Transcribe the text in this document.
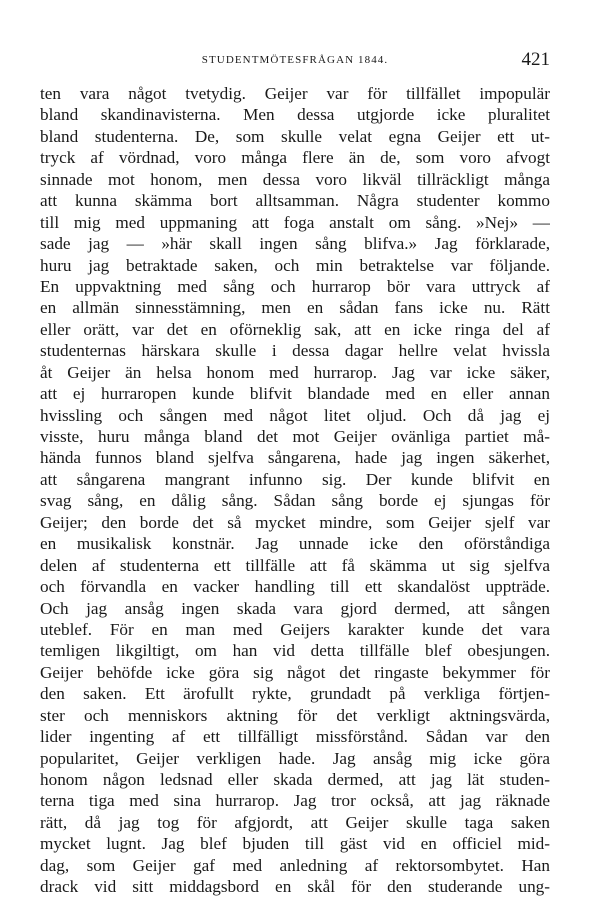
STUDENTMÖTESFRÅGAN 1844.	421
ten vara något tvetydig. Geijer var för tillfället impopulär
bland skandinavisterna. Men dessa utgjorde icke pluralitet
bland studenterna. De, som skulle velat egna Geijer ett ut-
tryck af vördnad, voro många flere än de, som voro afvogt
sinnade mot honom, men dessa voro likväl tillräckligt många
att kunna skämma bort alltsamman. Några studenter kommo
till mig med uppmaning att foga anstalt om sång. »Nej» —
sade jag — »här skall ingen sång blifva.» Jag förklarade,
huru jag betraktade saken, och min betraktelse var följande.
En uppvaktning med sång och hurrarop bör vara uttryck af
en allmän sinnesstämning, men en sådan fans icke nu. Rätt
eller orätt, var det en oförneklig sak, att en icke ringa del af
studenternas härskara skulle i dessa dagar hellre velat hvissla
åt Geijer än helsa honom med hurrarop. Jag var icke säker,
att ej hurraropen kunde blifvit blandade med en eller annan
hvissling och sången med något litet oljud. Och då jag ej
visste, huru många bland det mot Geijer ovänliga partiet må-
hända funnos bland sjelfva sångarena, hade jag ingen säkerhet,
att sångarena mangrant infunno sig. Der kunde blifvit en
svag sång, en dålig sång. Sådan sång borde ej sjungas för
Geijer; den borde det så mycket mindre, som Geijer sjelf var
en musikalisk konstnär. Jag unnade icke den oförståndiga
delen af studenterna ett tillfälle att få skämma ut sig sjelfva
och förvandla en vacker handling till ett skandalöst uppträde.
Och jag ansåg ingen skada vara gjord dermed, att sången
uteblef. För en man med Geijers karakter kunde det vara
temligen likgiltigt, om han vid detta tillfälle blef obesjungen.
Geijer behöfde icke göra sig något det ringaste bekymmer för
den saken. Ett ärofullt rykte, grundadt på verkliga förtjen-
ster och menniskors aktning för det verkligt aktningsvärda,
lider ingenting af ett tillfälligt missförstånd. Sådan var den
popularitet, Geijer verkligen hade. Jag ansåg mig icke göra
honom någon ledsnad eller skada dermed, att jag lät studen-
terna tiga med sina hurrarop. Jag tror också, att jag räknade
rätt, då jag tog för afgjordt, att Geijer skulle taga saken
mycket lugnt. Jag blef bjuden till gäst vid en officiel mid-
dag, som Geijer gaf med anledning af rektorsombytet. Han
drack vid sitt middagsbord en skål för den studerande ung-
